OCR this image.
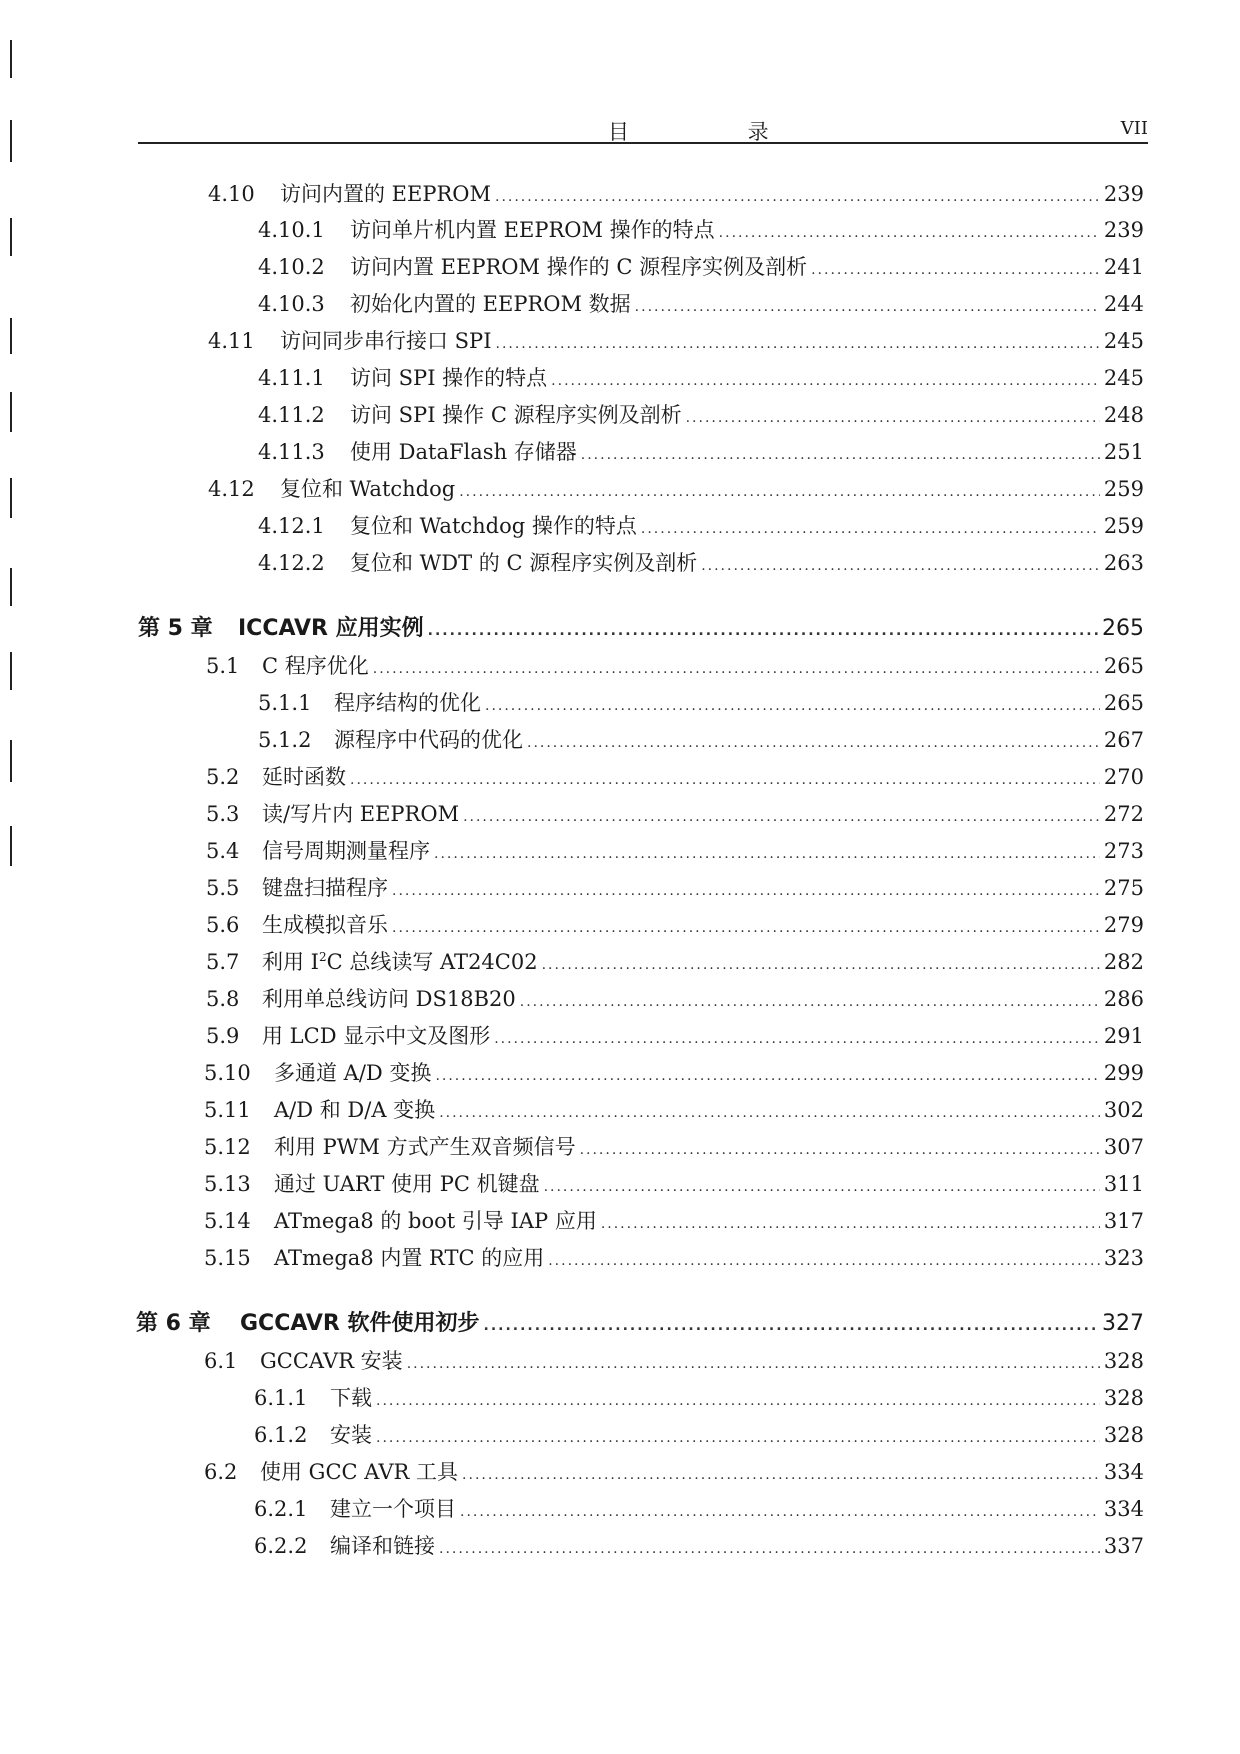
目 录	VII
4.10	访问内置的 EEPROM .....	239
4.10.1	访问单片机内置 EEPROM 操作的特点 .....	239
4.10.2	访问内置 EEPROM 操作的 C 源程序实例及剖析 .....	241
4.10.3	初始化内置的 EEPROM 数据 .....	244
4.11	访问同步串行接口 SPI .....	245
4.11.1	访问 SPI 操作的特点 .....	245
4.11.2	访问 SPI 操作 C 源程序实例及剖析 .....	248
4.11.3	使用 DataFlash 存储器 .....	251
4.12	复位和 Watchdog .....	259
4.12.1	复位和 Watchdog 操作的特点 .....	259
4.12.2	复位和 WDT 的 C 源程序实例及剖析 .....	263
第 5 章	ICCAVR 应用实例 .....	265
5.1	C 程序优化 .....	265
5.1.1	程序结构的优化 .....	265
5.1.2	源程序中代码的优化 .....	267
5.2	延时函数 .....	270
5.3	读/写片内 EEPROM .....	272
5.4	信号周期测量程序 .....	273
5.5	键盘扫描程序 .....	275
5.6	生成模拟音乐 .....	279
5.7	利用 $I^2C$ 总线读写 AT24C02 .....	282
5.8	利用单总线访问 DS18B20 .....	286
5.9	用 LCD 显示中文及图形 .....	291
5.10	多通道 A/D 变换 .....	299
5.11	A/D 和 D/A 变换 .....	302
5.12	利用 PWM 方式产生双音频信号 .....	307
5.13	通过 UART 使用 PC 机键盘 .....	311
5.14	ATmega8 的 boot 引导 IAP 应用 .....	317
5.15	ATmega8 内置 RTC 的应用 .....	323
第 6 章	GCCAVR 软件使用初步 .....	327
6.1	GCCAVR 安装 .....	328
6.1.1	下载 .....	328
6.1.2	安装 .....	328
6.2	使用 GCC AVR 工具 .....	334
6.2.1	建立一个项目 .....	334
6.2.2	编译和链接 .....	337
